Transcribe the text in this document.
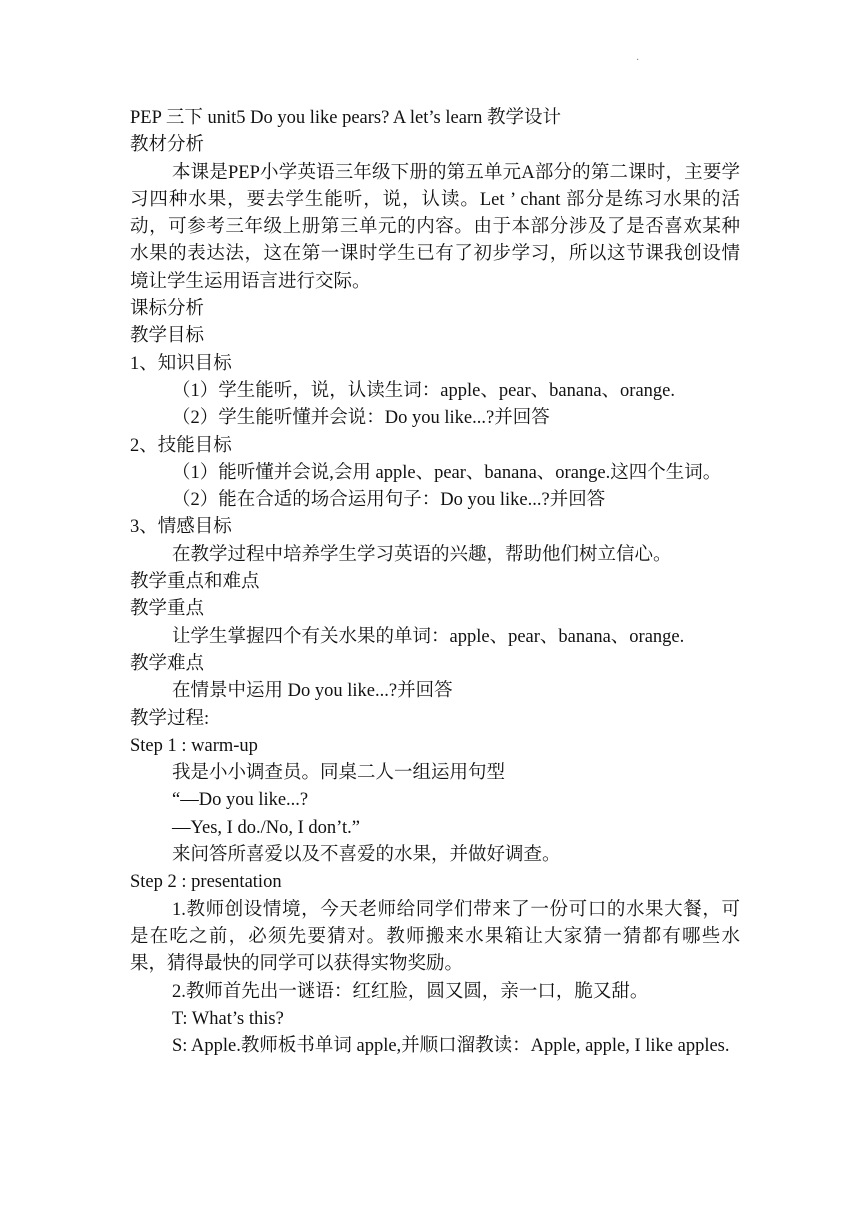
·
PEP 三下 unit5 Do you like pears? A let’s learn 教学设计
教材分析
本课是PEP小学英语三年级下册的第五单元A部分的第二课时，主要学习四种水果，要去学生能听，说，认读。Let ’ chant 部分是练习水果的活动，可参考三年级上册第三单元的内容。由于本部分涉及了是否喜欢某种水果的表达法，这在第一课时学生已有了初步学习，所以这节课我创设情境让学生运用语言进行交际。
课标分析
教学目标
1、知识目标
（1）学生能听，说，认读生词：apple、pear、banana、orange.
（2）学生能听懂并会说：Do you like...?并回答
2、技能目标
（1）能听懂并会说,会用 apple、pear、banana、orange.这四个生词。
（2）能在合适的场合运用句子：Do you like...?并回答
3、情感目标
在教学过程中培养学生学习英语的兴趣，帮助他们树立信心。
教学重点和难点
教学重点
让学生掌握四个有关水果的单词：apple、pear、banana、orange.
教学难点
在情景中运用 Do you like...?并回答
教学过程:
Step 1 : warm-up
我是小小调查员。同桌二人一组运用句型
“—Do you like...?
—Yes, I do./No, I don’t.”
来问答所喜爱以及不喜爱的水果，并做好调查。
Step 2 : presentation
1.教师创设情境，今天老师给同学们带来了一份可口的水果大餐，可是在吃之前，必须先要猜对。教师搬来水果箱让大家猜一猜都有哪些水果，猜得最快的同学可以获得实物奖励。
2.教师首先出一谜语：红红脸，圆又圆，亲一口，脆又甜。
T: What’s this?
S: Apple.教师板书单词 apple,并顺口溜教读：Apple, apple, I like apples.
